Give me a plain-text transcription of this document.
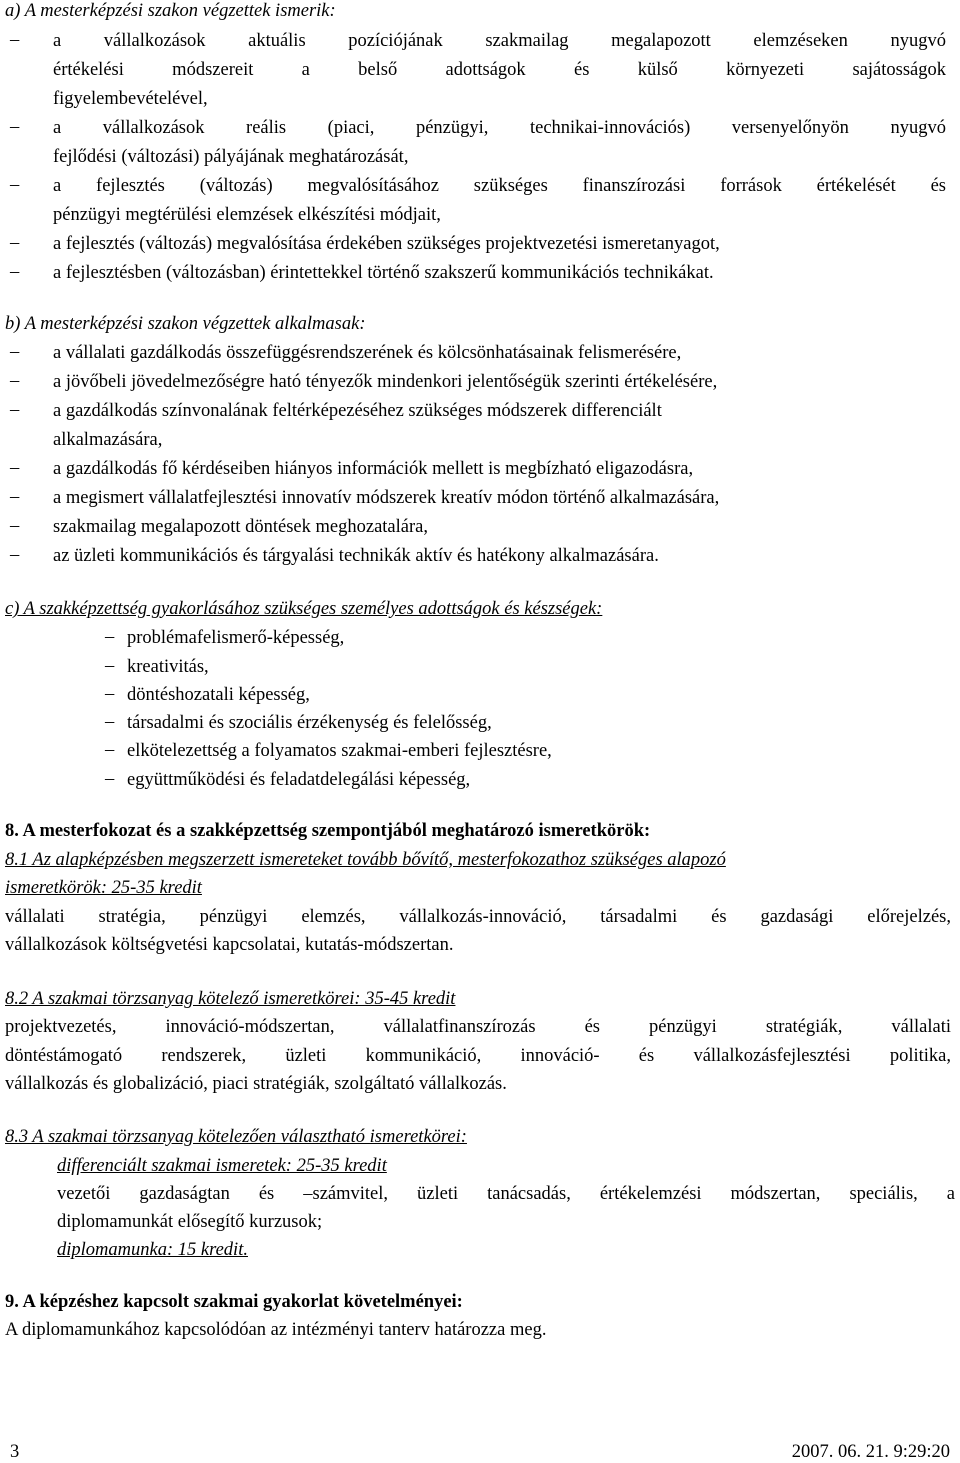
a) A mesterképzési szakon végzettek ismerik:
–	a vállalkozások aktuális pozíciójának szakmailag megalapozott elemzéseken nyugvó
értékelési módszereit a belső adottságok és külső környezeti sajátosságok
figyelembevételével,
–	a vállalkozások reális (piaci, pénzügyi, technikai-innovációs) versenyelőnyön nyugvó
fejlődési (változási) pályájának meghatározását,
–	a fejlesztés (változás) megvalósításához szükséges finanszírozási források értékelését és
pénzügyi megtérülési elemzések elkészítési módjait,
–	a fejlesztés (változás) megvalósítása érdekében szükséges projektvezetési ismeretanyagot,
–	a fejlesztésben (változásban) érintettekkel történő szakszerű kommunikációs technikákat.
b) A mesterképzési szakon végzettek alkalmasak:
–	a vállalati gazdálkodás összefüggésrendszerének és kölcsönhatásainak felismerésére,
–	a jövőbeli jövedelmezőségre ható tényezők mindenkori jelentőségük szerinti értékelésére,
–	a gazdálkodás színvonalának feltérképezéséhez szükséges módszerek differenciált
alkalmazására,
–	a gazdálkodás fő kérdéseiben hiányos információk mellett is megbízható eligazodásra,
–	a megismert vállalatfejlesztési innovatív módszerek kreatív módon történő alkalmazására,
–	szakmailag megalapozott döntések meghozatalára,
–	az üzleti kommunikációs és tárgyalási technikák aktív és hatékony alkalmazására.
c) A szakképzettség gyakorlásához szükséges személyes adottságok és készségek:
– problémafelismerő-képesség,
– kreativitás,
– döntéshozatali képesség,
– társadalmi és szociális érzékenység és felelősség,
– elkötelezettség a folyamatos szakmai-emberi fejlesztésre,
– együttműködési és feladatdelegálási képesség,
8. A mesterfokozat és a szakképzettség szempontjából meghatározó ismeretkörök:
8.1 Az alapképzésben megszerzett ismereteket tovább bővítő, mesterfokozathoz szükséges alapozó
ismeretkörök: 25-35 kredit
vállalati stratégia, pénzügyi elemzés, vállalkozás-innováció, társadalmi és gazdasági előrejelzés,
vállalkozások költségvetési kapcsolatai, kutatás-módszertan.
8.2 A szakmai törzsanyag kötelező ismeretkörei: 35-45 kredit
projektvezetés, innováció-módszertan, vállalatfinanszírozás és pénzügyi stratégiák, vállalati
döntéstámogató rendszerek, üzleti kommunikáció, innováció- és vállalkozásfejlesztési politika,
vállalkozás és globalizáció, piaci stratégiák, szolgáltató vállalkozás.
8.3 A szakmai törzsanyag kötelezően választható ismeretkörei:
differenciált szakmai ismeretek: 25-35 kredit
vezetői gazdaságtan és –számvitel, üzleti tanácsadás, értékelemzési módszertan, speciális, a
diplomamunkát elősegítő kurzusok;
diplomamunka: 15 kredit.
9. A képzéshez kapcsolt szakmai gyakorlat követelményei:
A diplomamunkához kapcsolódóan az intézményi tanterv határozza meg.
3	2007. 06. 21. 9:29:20
